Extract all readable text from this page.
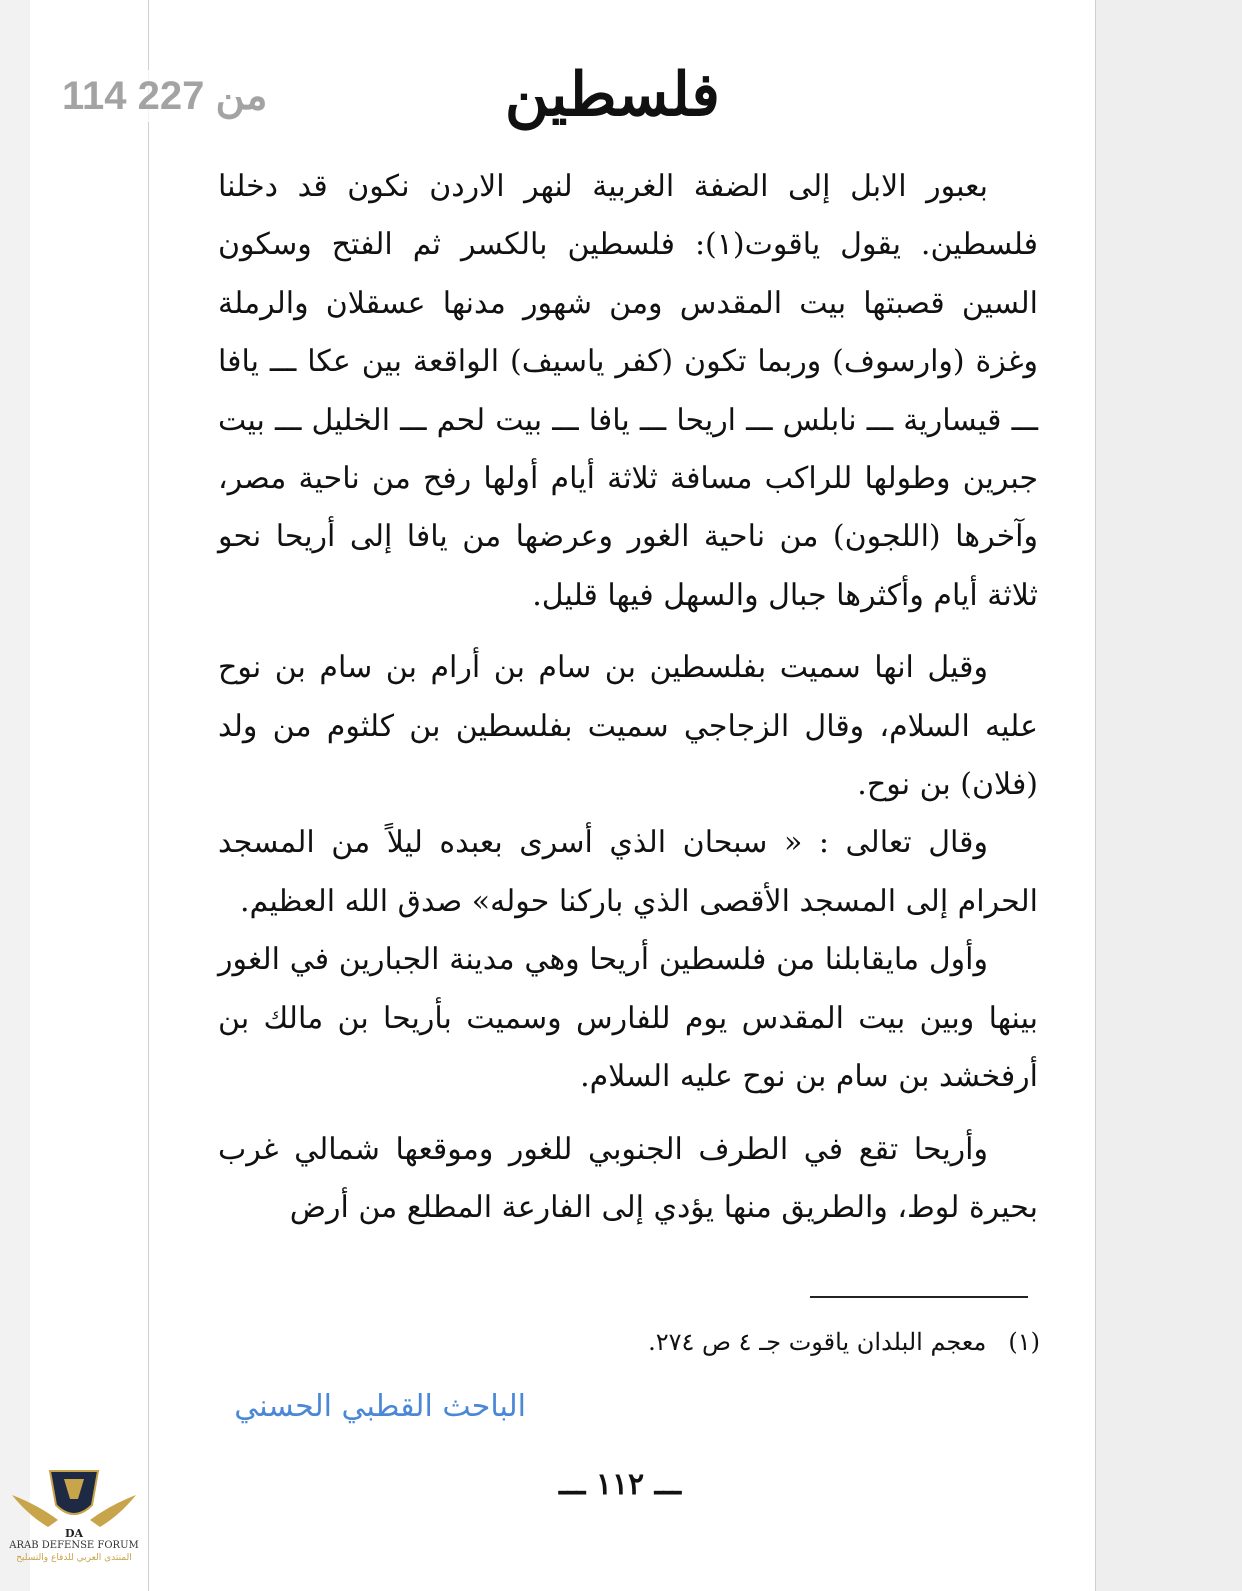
114 من 227	فلسطين

بعبور الابل إلى الضفة الغربية لنهر الاردن نكون قد دخلنا فلسطين. يقول ياقوت(١): فلسطين بالكسر ثم الفتح وسكون السين قصبتها بيت المقدس ومن شهور مدنها عسقلان والرملة وغزة (وارسوف) وربما تكون (كفر ياسيف) الواقعة بين عكا ـــ يافا ـــ قيسارية ـــ نابلس ـــ اريحا ـــ يافا ـــ بيت لحم ـــ الخليل ـــ بيت جبرين وطولها للراكب مسافة ثلاثة أيام أولها رفح من ناحية مصر، وآخرها (اللجون) من ناحية الغور وعرضها من يافا إلى أريحا نحو ثلاثة أيام وأكثرها جبال والسهل فيها قليل.

وقيل انها سميت بفلسطين بن سام بن أرام بن سام بن نوح عليه السلام، وقال الزجاجي سميت بفلسطين بن كلثوم من ولد (فلان) بن نوح.

وقال تعالى : « سبحان الذي أسرى بعبده ليلاً من المسجد الحرام إلى المسجد الأقصى الذي باركنا حوله» صدق الله العظيم.

وأول مايقابلنا من فلسطين أريحا وهي مدينة الجبارين في الغور بينها وبين بيت المقدس يوم للفارس وسميت بأريحا بن مالك بن أرفخشد بن سام بن نوح عليه السلام.

وأريحا تقع في الطرف الجنوبي للغور وموقعها شمالي غرب بحيرة لوط، والطريق منها يؤدي إلى الفارعة المطلع من أرض

(١)معجم البلدان ياقوت جـ ٤ ص ٢٧٤.
الباحث القطبي الحسني
ـــ ١١٢ ـــ
DA
ARAB DEFENSE FORUM
المنتدى العربي للدفاع والتسليح
